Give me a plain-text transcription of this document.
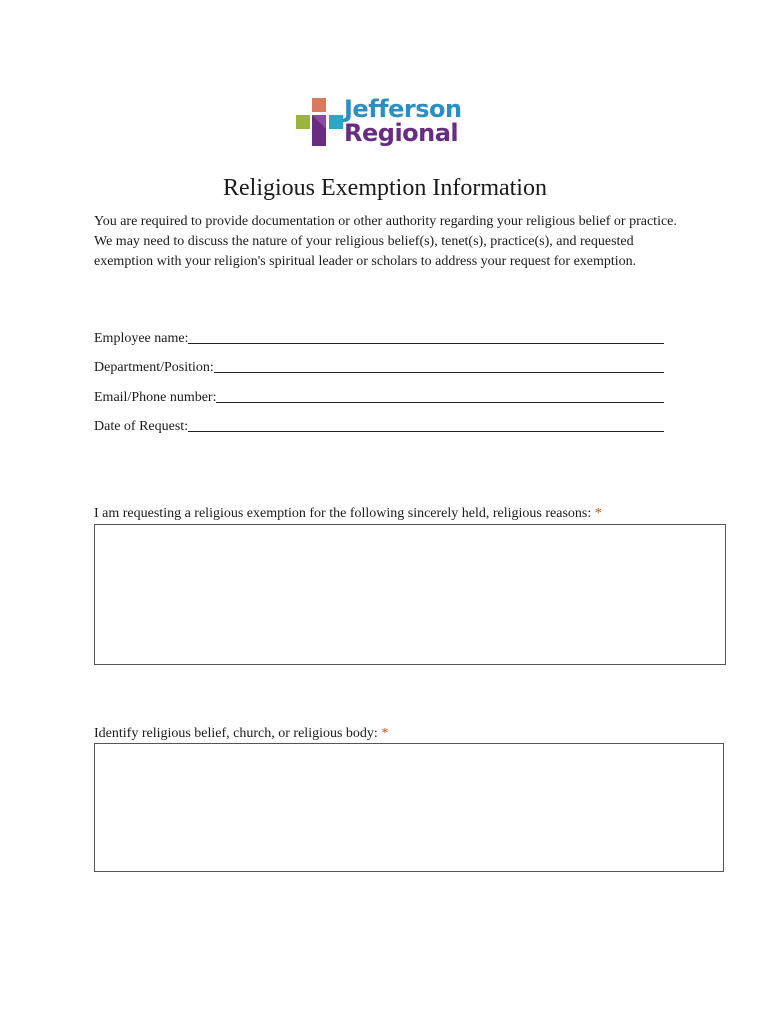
Jefferson
Regional
Religious Exemption Information

You are required to provide documentation or other authority regarding your religious belief or practice. We may need to discuss the nature of your religious belief(s), tenet(s), practice(s), and requested exemption with your religion's spiritual leader or scholars to address your request for exemption.

Employee name:
Department/Position:
Email/Phone number:
Date of Request:

I am requesting a religious exemption for the following sincerely held, religious reasons: *

Identify religious belief, church, or religious body: *
